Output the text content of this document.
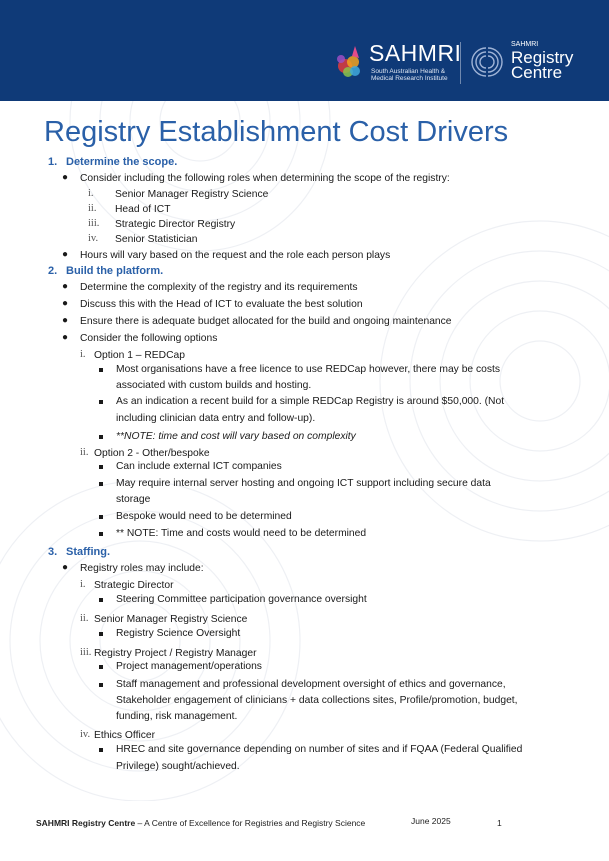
SAHMRI
South Australian Health &
Medical Research Institute
SAHMRI
Registry
Centre
Registry Establishment Cost Drivers
1. Determine the scope.
● Consider including the following roles when determining the scope of the registry:
i. Senior Manager Registry Science
ii. Head of ICT
iii. Strategic Director Registry
iv. Senior Statistician
● Hours will vary based on the request and the role each person plays
2. Build the platform.
● Determine the complexity of the registry and its requirements
● Discuss this with the Head of ICT to evaluate the best solution
● Ensure there is adequate budget allocated for the build and ongoing maintenance
● Consider the following options
i. Option 1 – REDCap
Most organisations have a free licence to use REDCap however, there may be costs
associated with custom builds and hosting.
As an indication a recent build for a simple REDCap Registry is around $50,000. (Not
including clinician data entry and follow-up).
**NOTE: time and cost will vary based on complexity
ii. Option 2 - Other/bespoke
Can include external ICT companies
May require internal server hosting and ongoing ICT support including secure data
storage
Bespoke would need to be determined
** NOTE: Time and costs would need to be determined
3. Staffing.
● Registry roles may include:
i. Strategic Director
Steering Committee participation governance oversight
ii. Senior Manager Registry Science
Registry Science Oversight
iii. Registry Project / Registry Manager
Project management/operations
Staff management and professional development oversight of ethics and governance,
Stakeholder engagement of clinicians + data collections sites, Profile/promotion, budget,
funding, risk management.
iv. Ethics Officer
HREC and site governance depending on number of sites and if FQAA (Federal Qualified
Privilege) sought/achieved.
SAHMRI Registry Centre – A Centre of Excellence for Registries and Registry Science	June 2025	1
